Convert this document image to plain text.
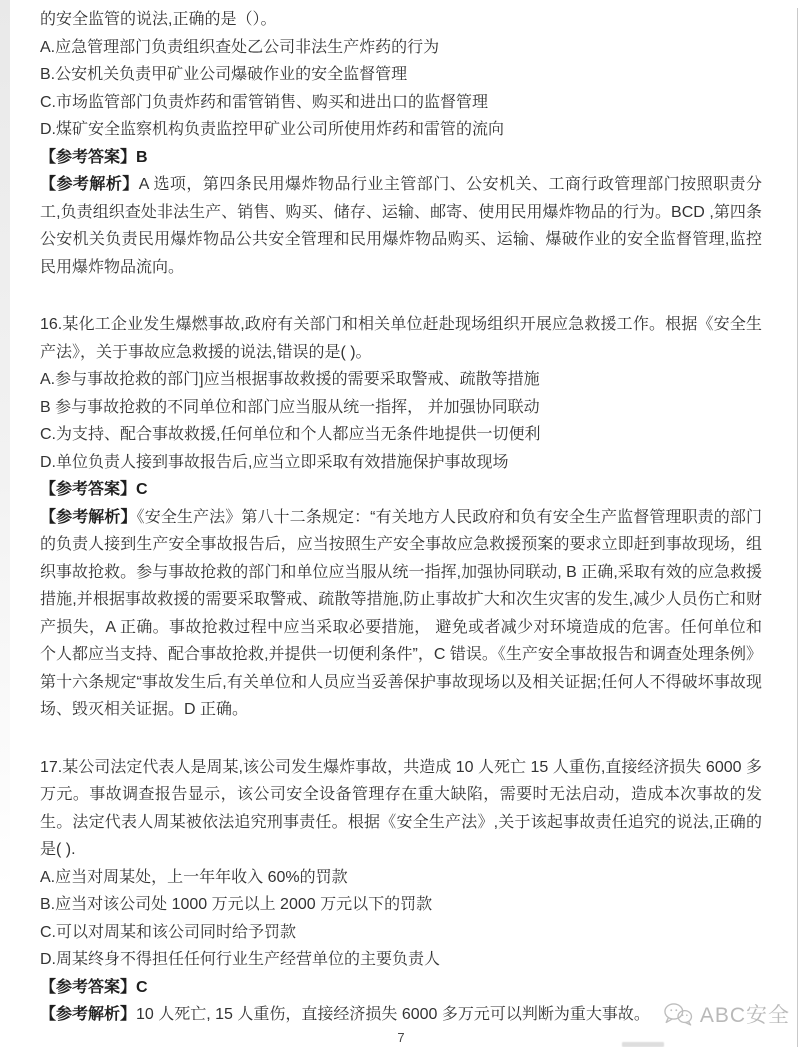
的安全监管的说法,正确的是（）。

A.应急管理部门负责组织查处乙公司非法生产炸药的行为

B.公安机关负责甲矿业公司爆破作业的安全监督管理

C.市场监管部门负责炸药和雷管销售、购买和进出口的监督管理

D.煤矿安全监察机构负责监控甲矿业公司所使用炸药和雷管的流向

【参考答案】B

【参考解析】A 选项，第四条民用爆炸物品行业主管部门、公安机关、工商行政管理部门按照职责分工,负责组织查处非法生产、销售、购买、储存、运输、邮寄、使用民用爆炸物品的行为。BCD ,第四条公安机关负责民用爆炸物品公共安全管理和民用爆炸物品购买、运输、爆破作业的安全监督管理,监控民用爆炸物品流向。

16.某化工企业发生爆燃事故,政府有关部门和相关单位赶赴现场组织开展应急救援工作。根据《安全生产法》，关于事故应急救援的说法,错误的是( )。

A.参与事故抢救的部门]应当根据事故救援的需要采取警戒、疏散等措施

B 参与事故抢救的不同单位和部门应当服从统一指挥， 并加强协同联动

C.为支持、配合事故救援,任何单位和个人都应当无条件地提供一切便利

D.单位负责人接到事故报告后,应当立即采取有效措施保护事故现场

【参考答案】C

【参考解析】《安全生产法》第八十二条规定：“有关地方人民政府和负有安全生产监督管理职责的部门的负责人接到生产安全事故报告后，应当按照生产安全事故应急救援预案的要求立即赶到事故现场，组织事故抢救。参与事故抢救的部门和单位应当服从统一指挥,加强协同联动, B 正确,采取有效的应急救援措施,并根据事故救援的需要采取警戒、疏散等措施,防止事故扩大和次生灾害的发生,减少人员伤亡和财产损失，A 正确。事故抢救过程中应当采取必要措施， 避免或者减少对环境造成的危害。任何单位和个人都应当支持、配合事故抢救,并提供一切便利条件”，C 错误。《生产安全事故报告和调查处理条例》第十六条规定“事故发生后,有关单位和人员应当妥善保护事故现场以及相关证据;任何人不得破坏事故现场、毁灭相关证据。D 正确。

17.某公司法定代表人是周某,该公司发生爆炸事故，共造成 10 人死亡 15 人重伤,直接经济损失 6000 多万元。事故调查报告显示，该公司安全设备管理存在重大缺陷，需要时无法启动，造成本次事故的发生。法定代表人周某被依法追究刑事责任。根据《安全生产法》,关于该起事故责任追究的说法,正确的是( ).

A.应当对周某处，上一年年收入 60%的罚款

B.应当对该公司处 1000 万元以上 2000 万元以下的罚款

C.可以对周某和该公司同时给予罚款

D.周某终身不得担任任何行业生产经营单位的主要负责人

【参考答案】C

【参考解析】10 人死亡, 15 人重伤，直接经济损失 6000 多万元可以判断为重大事故。

7
ABC安全
